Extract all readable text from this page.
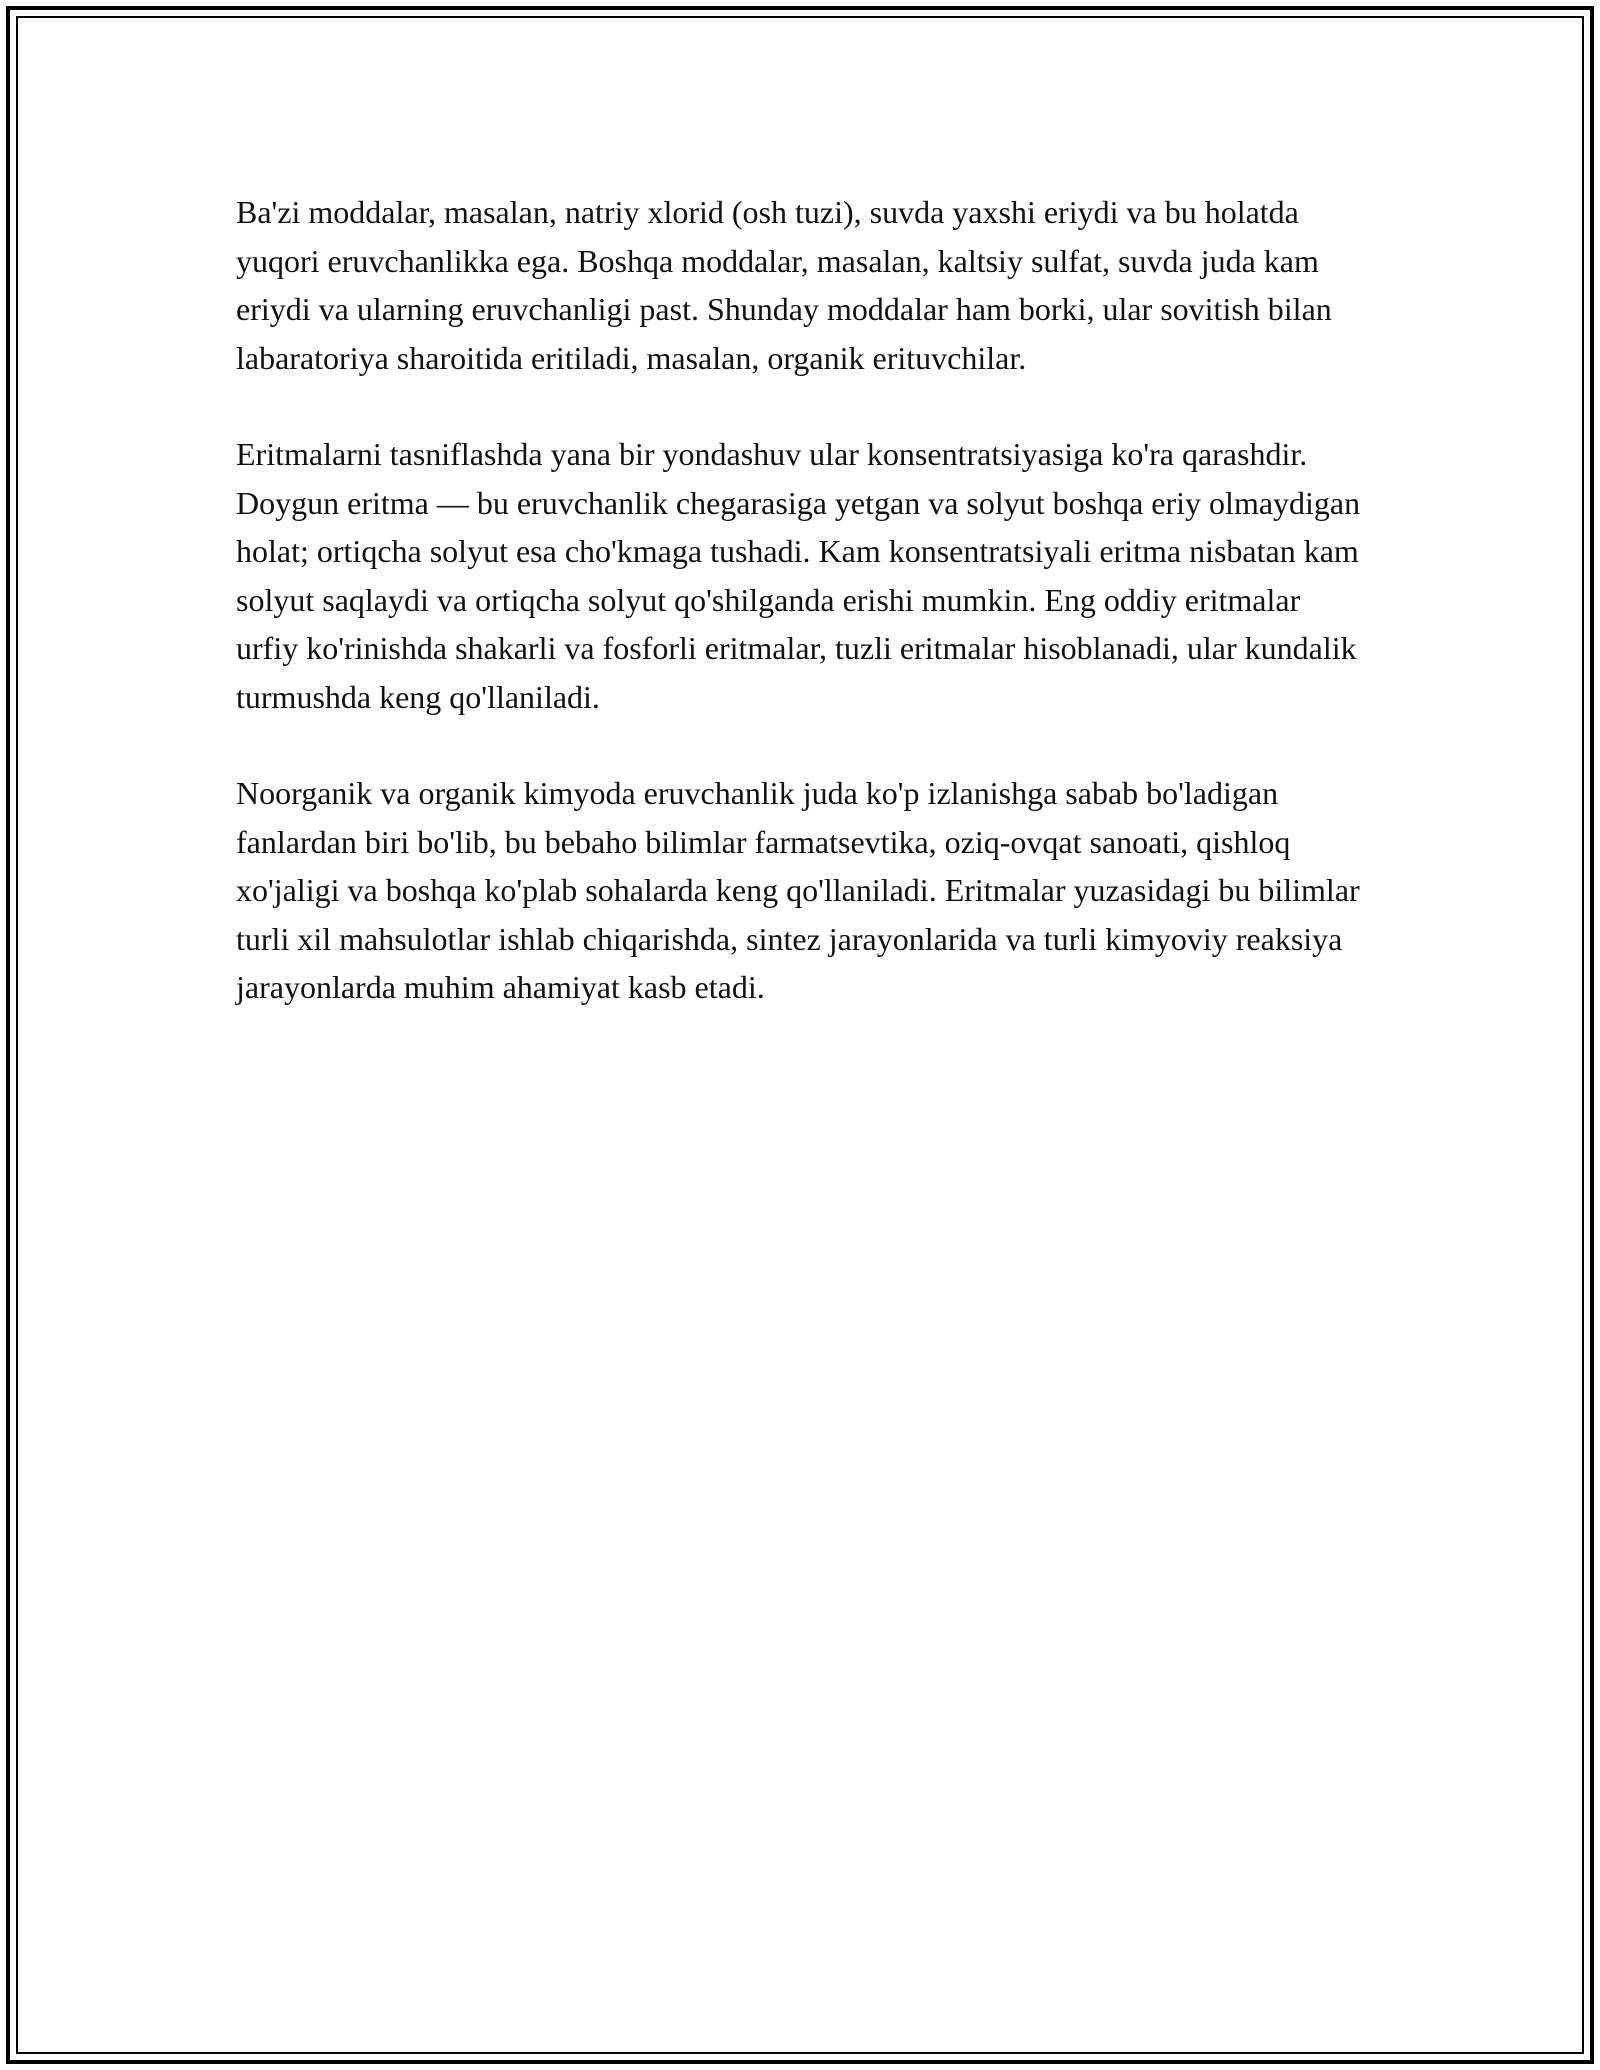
Ba'zi moddalar, masalan, natriy xlorid (osh tuzi), suvda yaxshi eriydi va bu holatda yuqori eruvchanlikka ega. Boshqa moddalar, masalan, kaltsiy sulfat, suvda juda kam eriydi va ularning eruvchanligi past. Shunday moddalar ham borki, ular sovitish bilan labaratoriya sharoitida eritiladi, masalan, organik erituvchilar.

Eritmalarni tasniflashda yana bir yondashuv ular konsentratsiyasiga ko'ra qarashdir. Doygun eritma — bu eruvchanlik chegarasiga yetgan va solyut boshqa eriy olmaydigan holat; ortiqcha solyut esa cho'kmaga tushadi. Kam konsentratsiyali eritma nisbatan kam solyut saqlaydi va ortiqcha solyut qo'shilganda erishi mumkin. Eng oddiy eritmalar urfiy ko'rinishda shakarli va fosforli eritmalar, tuzli eritmalar hisoblanadi, ular kundalik turmushda keng qo'llaniladi.

Noorganik va organik kimyoda eruvchanlik juda ko'p izlanishga sabab bo'ladigan fanlardan biri bo'lib, bu bebaho bilimlar farmatsevtika, oziq-ovqat sanoati, qishloq xo'jaligi va boshqa ko'plab sohalarda keng qo'llaniladi. Eritmalar yuzasidagi bu bilimlar turli xil mahsulotlar ishlab chiqarishda, sintez jarayonlarida va turli kimyoviy reaksiya jarayonlarda muhim ahamiyat kasb etadi.
